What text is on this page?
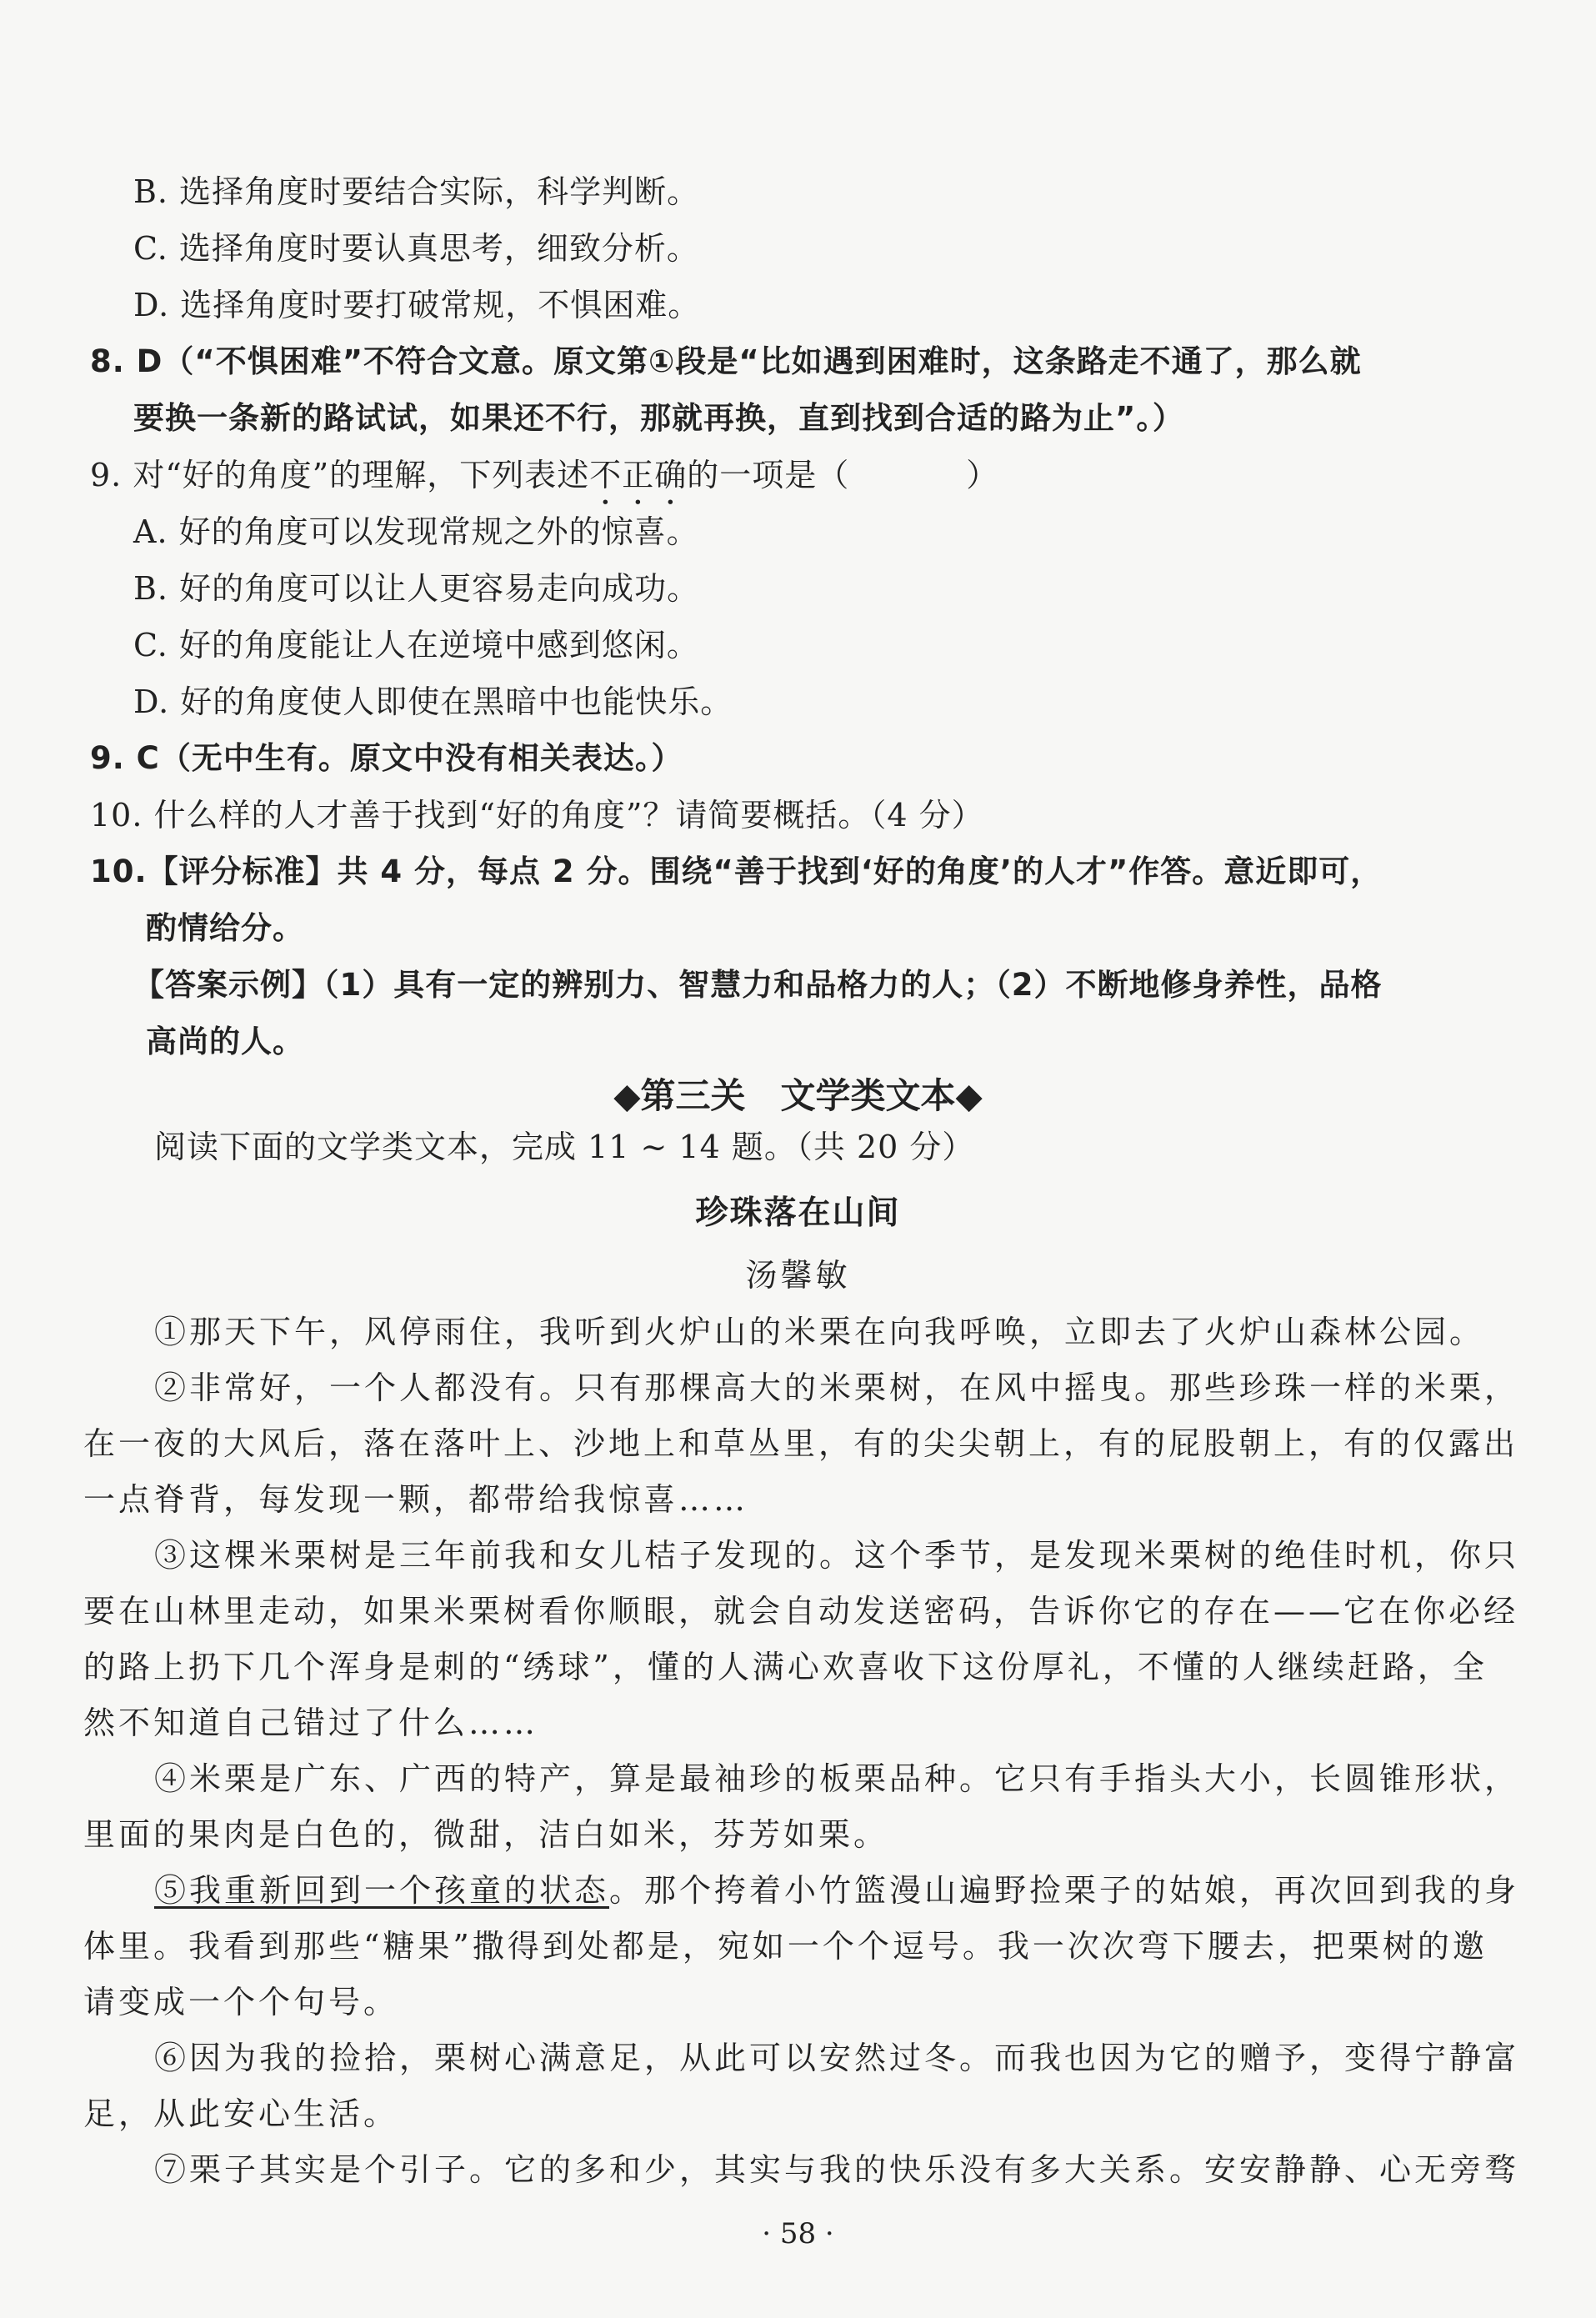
B. 选择角度时要结合实际，科学判断。
C. 选择角度时要认真思考，细致分析。
D. 选择角度时要打破常规，不惧困难。
8. D（“不惧困难”不符合文意。原文第①段是“比如遇到困难时，这条路走不通了，那么就
要换一条新的路试试，如果还不行，那就再换，直到找到合适的路为止”。）
9. 对“好的角度”的理解，下列表述不正确的一项是（	）
A. 好的角度可以发现常规之外的惊喜。
B. 好的角度可以让人更容易走向成功。
C. 好的角度能让人在逆境中感到悠闲。
D. 好的角度使人即使在黑暗中也能快乐。
9. C（无中生有。原文中没有相关表达。）
10. 什么样的人才善于找到“好的角度”？请简要概括。（4 分）
10.【评分标准】共 4 分，每点 2 分。围绕“善于找到‘好的角度’的人才”作答。意近即可，
酌情给分。
【答案示例】（1）具有一定的辨别力、智慧力和品格力的人；（2）不断地修身养性，品格
高尚的人。
◆第三关　文学类文本◆
阅读下面的文学类文本，完成 11 ~ 14 题。（共 20 分）
珍珠落在山间
汤馨敏
①那天下午，风停雨住，我听到火炉山的米栗在向我呼唤，立即去了火炉山森林公园。
②非常好，一个人都没有。只有那棵高大的米栗树，在风中摇曳。那些珍珠一样的米栗，
在一夜的大风后，落在落叶上、沙地上和草丛里，有的尖尖朝上，有的屁股朝上，有的仅露出
一点脊背，每发现一颗，都带给我惊喜……
③这棵米栗树是三年前我和女儿桔子发现的。这个季节，是发现米栗树的绝佳时机，你只
要在山林里走动，如果米栗树看你顺眼，就会自动发送密码，告诉你它的存在——它在你必经
的路上扔下几个浑身是刺的“绣球”，懂的人满心欢喜收下这份厚礼，不懂的人继续赶路，全
然不知道自己错过了什么……
④米栗是广东、广西的特产，算是最袖珍的板栗品种。它只有手指头大小，长圆锥形状，
里面的果肉是白色的，微甜，洁白如米，芬芳如栗。
⑤我重新回到一个孩童的状态。那个挎着小竹篮漫山遍野捡栗子的姑娘，再次回到我的身
体里。我看到那些“糖果”撒得到处都是，宛如一个个逗号。我一次次弯下腰去，把栗树的邀
请变成一个个句号。
⑥因为我的捡拾，栗树心满意足，从此可以安然过冬。而我也因为它的赠予，变得宁静富
足，从此安心生活。
⑦栗子其实是个引子。它的多和少，其实与我的快乐没有多大关系。安安静静、心无旁骛
· 58 ·
